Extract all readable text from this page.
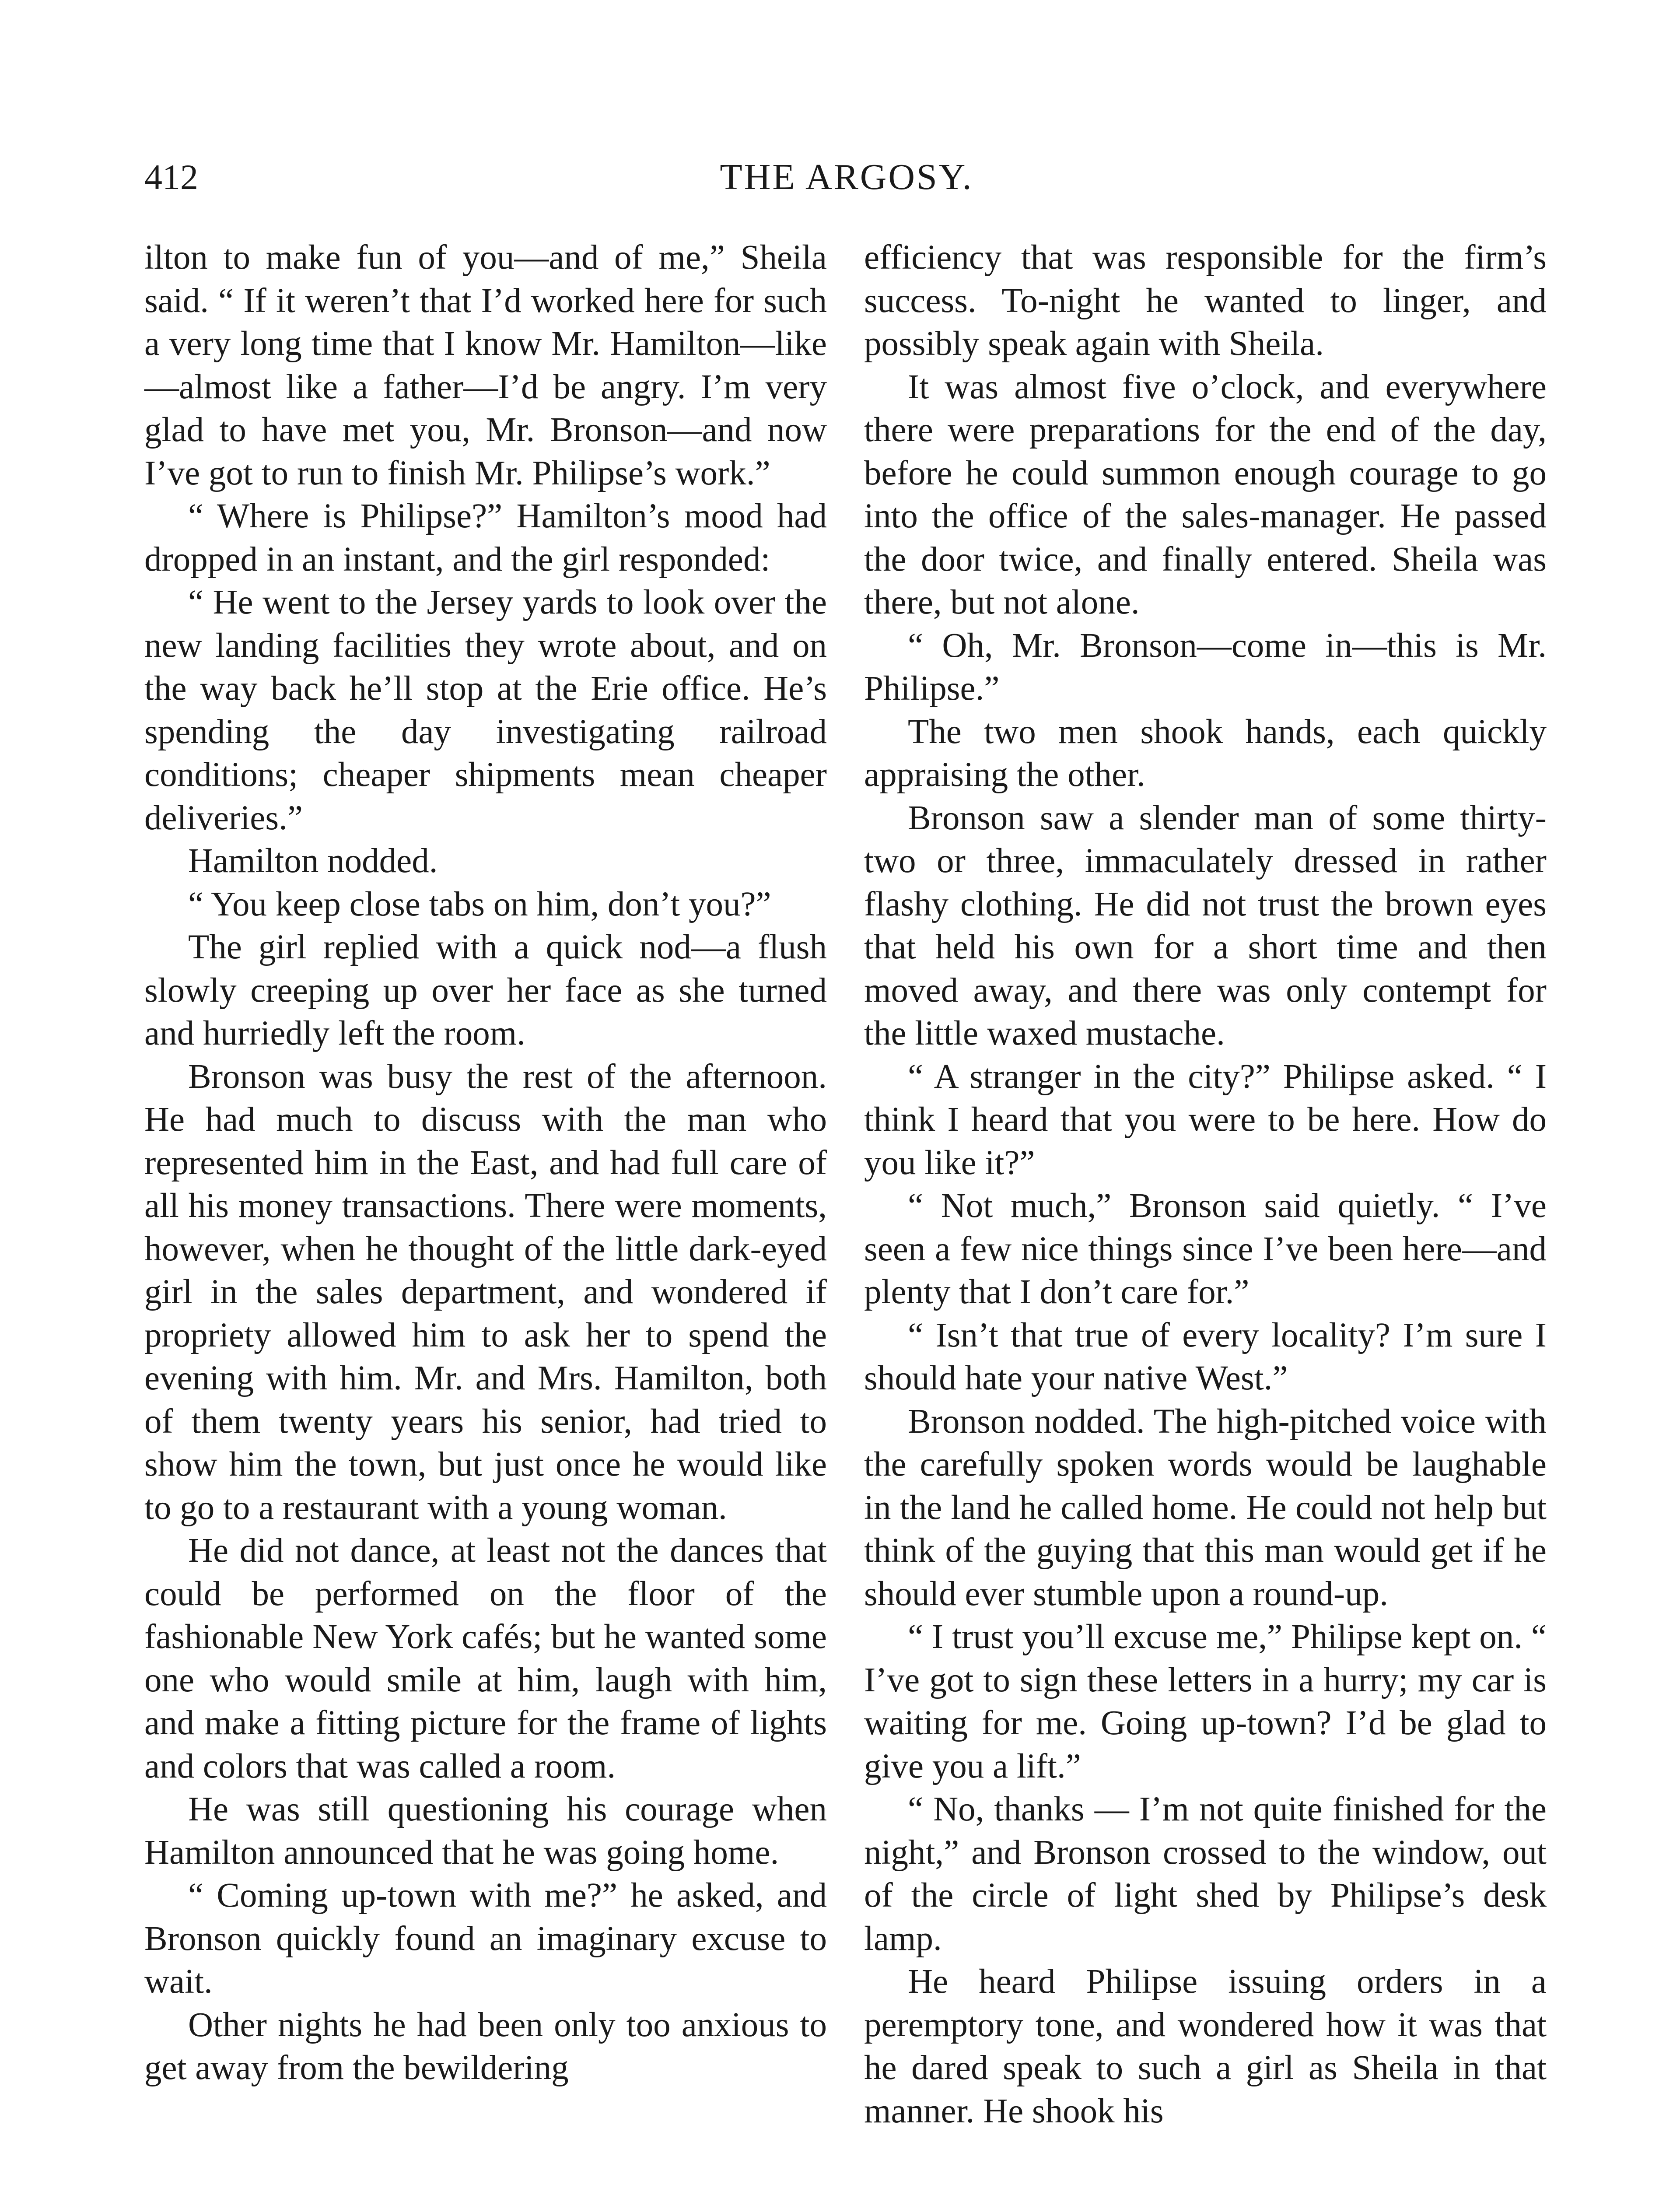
412	THE ARGOSY.

ilton to make fun of you—and of me,” Sheila said. “ If it weren’t that I’d worked here for such a very long time that I know Mr. Hamilton—like—almost like a father—I’d be angry. I’m very glad to have met you, Mr. Bronson—and now I’ve got to run to finish Mr. Philipse’s work.”

“ Where is Philipse?” Hamilton’s mood had dropped in an instant, and the girl responded:

“ He went to the Jersey yards to look over the new landing facilities they wrote about, and on the way back he’ll stop at the Erie office. He’s spending the day investigating railroad conditions; cheaper shipments mean cheaper deliveries.”

Hamilton nodded.

“ You keep close tabs on him, don’t you?”

The girl replied with a quick nod—a flush slowly creeping up over her face as she turned and hurriedly left the room.

Bronson was busy the rest of the afternoon. He had much to discuss with the man who represented him in the East, and had full care of all his money transactions. There were moments, however, when he thought of the little dark-eyed girl in the sales department, and wondered if propriety allowed him to ask her to spend the evening with him. Mr. and Mrs. Hamilton, both of them twenty years his senior, had tried to show him the town, but just once he would like to go to a restaurant with a young woman.

He did not dance, at least not the dances that could be performed on the floor of the fashionable New York cafés; but he wanted some one who would smile at him, laugh with him, and make a fitting picture for the frame of lights and colors that was called a room.

He was still questioning his courage when Hamilton announced that he was going home.

“ Coming up-town with me?” he asked, and Bronson quickly found an imaginary excuse to wait.

Other nights he had been only too anxious to get away from the bewildering

efficiency that was responsible for the firm’s success. To-night he wanted to linger, and possibly speak again with Sheila.

It was almost five o’clock, and everywhere there were preparations for the end of the day, before he could summon enough courage to go into the office of the sales-manager. He passed the door twice, and finally entered. Sheila was there, but not alone.

“ Oh, Mr. Bronson—come in—this is Mr. Philipse.”

The two men shook hands, each quickly appraising the other.

Bronson saw a slender man of some thirty-two or three, immaculately dressed in rather flashy clothing. He did not trust the brown eyes that held his own for a short time and then moved away, and there was only contempt for the little waxed mustache.

“ A stranger in the city?” Philipse asked. “ I think I heard that you were to be here. How do you like it?”

“ Not much,” Bronson said quietly. “ I’ve seen a few nice things since I’ve been here—and plenty that I don’t care for.”

“ Isn’t that true of every locality? I’m sure I should hate your native West.”

Bronson nodded. The high-pitched voice with the carefully spoken words would be laughable in the land he called home. He could not help but think of the guying that this man would get if he should ever stumble upon a round-up.

“ I trust you’ll excuse me,” Philipse kept on. “ I’ve got to sign these letters in a hurry; my car is waiting for me. Going up-town? I’d be glad to give you a lift.”

“ No, thanks — I’m not quite finished for the night,” and Bronson crossed to the window, out of the circle of light shed by Philipse’s desk lamp.

He heard Philipse issuing orders in a peremptory tone, and wondered how it was that he dared speak to such a girl as Sheila in that manner. He shook his
